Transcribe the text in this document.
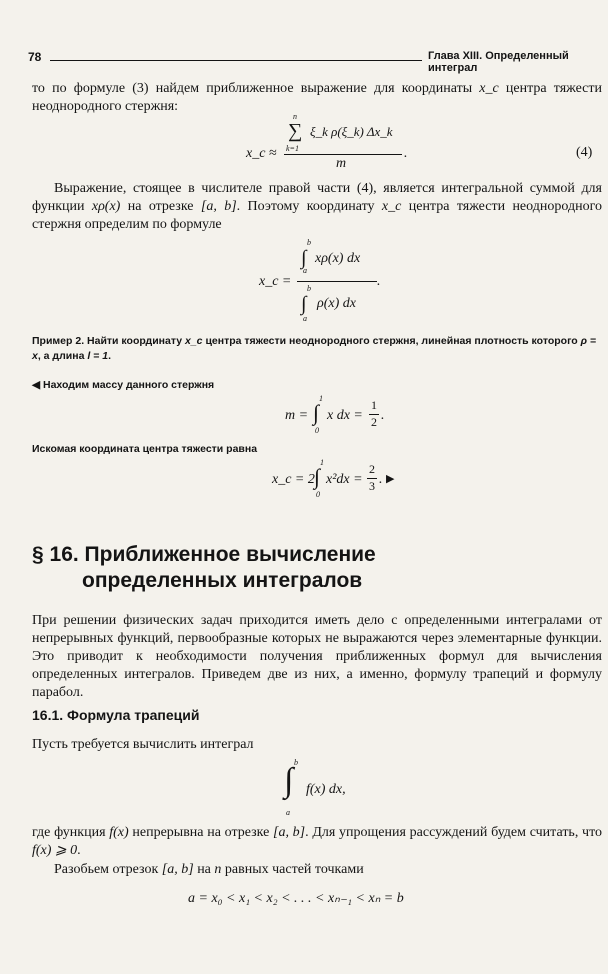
78	Глава XIII. Определенный интеграл
то по формуле (3) найдем приближенное выражение для координаты x_c центра тяжести неоднородного стержня:
x_c ≈
n
∑
k=1
ξ_k ρ(ξ_k) Δx_k
m
.	(4)
Выражение, стоящее в числителе правой части (4), является интегральной суммой для функции xρ(x) на отрезке [a, b]. Поэтому координату x_c центра тяжести неоднородного стержня определим по формуле
x_c =
b
∫
a
xρ(x) dx
b
∫
a
ρ(x) dx
.
Пример 2. Найти координату x_c центра тяжести неоднородного стержня, линейная плотность которого ρ = x, а длина l = 1.
◀ Находим массу данного стержня
m =
1
∫
0
x dx =
1
2 .
Искомая координата центра тяжести равна
x_c = 2
1
∫
0
x²dx =
2
3 . ▶
§ 16. Приближенное вычисление
определенных интегралов
При решении физических задач приходится иметь дело с определенными интегралами от непрерывных функций, первообразные которых не выражаются через элементарные функции. Это приводит к необходимости получения приближенных формул для вычисления определенных интегралов. Приведем две из них, а именно, формулу трапеций и формулу парабол.
16.1. Формула трапеций
Пусть требуется вычислить интеграл
b
∫
a
f(x) dx,
где функция f(x) непрерывна на отрезке [a, b]. Для упрощения рассуждений будем считать, что f(x) ⩾ 0.
Разобьем отрезок [a, b] на n равных частей точками
a = x₀ < x₁ < x₂ < . . . < xₙ₋₁ < xₙ = b
